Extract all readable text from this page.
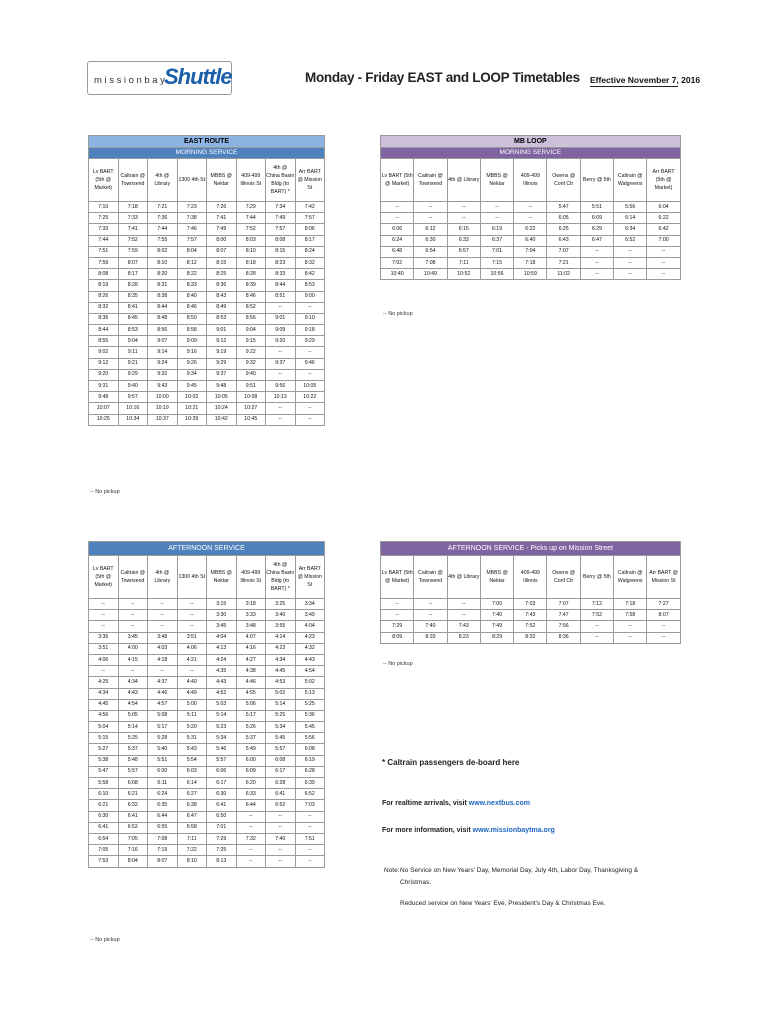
missionbay
Shuttle	Monday - Friday EAST and LOOP Timetables Effective November 7, 2016
EAST ROUTE							
MORNING SERVICE							
Lv BART (5th @ Market)	Caltrain @ Townsend	4th @ Library	1300 4th St	MBBS @ Nektar	409-499 Illinois St	4th @ China Basin Bldg (to BART) *	Arr BART @ Mission St
7:10	7:18	7:21	7:23	7:26	7:29	7:34	7:42
7:25	7:33	7:36	7:38	7:41	7:44	7:49	7:57
7:33	7:41	7:44	7:46	7:49	7:52	7:57	8:06
7:44	7:52	7:55	7:57	8:00	8:03	8:08	8:17
7:51	7:59	8:02	8:04	8:07	8:10	8:15	8:24
7:59	8:07	8:10	8:12	8:15	8:18	8:23	8:32
8:08	8:17	8:20	8:22	8:25	8:28	8:33	8:42
8:19	8:28	8:31	8:33	8:36	8:39	8:44	8:53
8:26	8:35	8:38	8:40	8:43	8:46	8:51	9:00
8:32	8:41	8:44	8:46	8:49	8:52	--	--
8:36	8:45	8:48	8:50	8:53	8:56	9:01	9:10
8:44	8:53	8:56	8:58	9:01	9:04	9:09	9:18
8:55	9:04	9:07	9:09	9:12	9:15	9:20	9:29
9:02	9:11	9:14	9:16	9:19	9:22	--	--
9:12	9:21	9:24	9:26	9:29	9:32	9:37	9:46
9:20	9:29	9:32	9:34	9:37	9:40	--	--
9:31	9:40	9:43	9:45	9:48	9:51	9:56	10:05
9:48	9:57	10:00	10:02	10:05	10:08	10:13	10:22
10:07	10:16	10:19	10:21	10:24	10:27	--	--
10:25	10:34	10:37	10:39	10:42	10:45	--	--
-- No pickup
MB LOOP								
MORNING SERVICE								
Lv BART (5th @ Market)	Caltrain @ Townsend	4th @ Library	MBBS @ Nektar	409-499 Illinois	Owens @ Conf Ctr	Berry @ 5th	Caltrain @ Walgreens	Arr BART (5th @ Market)
--	--	--	--	--	5:47	5:51	5:56	6:04
--	--	--	--	--	6:05	6:09	6:14	6:22
6:06	6:12	6:15	6:19	6:22	6:25	6:29	6:34	6:42
6:24	6:30	6:33	6:37	6:40	6:43	6:47	6:52	7:00
6:48	6:54	6:57	7:01	7:04	7:07	--	--	--
7:02	7:08	7:11	7:15	7:18	7:21	--	--	--
10:40	10:49	10:52	10:56	10:59	11:02	--	--	--
-- No pickup
AFTERNOON SERVICE							
Lv BART (5th @ Market)	Caltrain @ Townsend	4th @ Library	1300 4th St	MBBS @ Nektar	409-499 Illinois St	4th @ China Basin Bldg (to BART) *	Arr BART @ Mission St
--	--	--	--	3:15	3:18	3:25	3:34
--	--	--	--	3:30	3:33	3:40	3:49
--	--	--	--	3:45	3:48	3:55	4:04
3:36	3:45	3:48	3:51	4:04	4:07	4:14	4:23
3:51	4:00	4:03	4:06	4:13	4:16	4:23	4:32
4:06	4:15	4:18	4:21	4:24	4:27	4:34	4:43
--	--	--	--	4:35	4:38	4:45	4:54
4:25	4:34	4:37	4:40	4:43	4:46	4:53	5:02
4:34	4:43	4:46	4:49	4:52	4:55	5:02	5:13
4:45	4:54	4:57	5:00	5:03	5:06	5:14	5:25
4:56	5:05	5:08	5:11	5:14	5:17	5:25	5:36
5:04	5:14	5:17	5:20	5:23	5:26	5:34	5:45
5:15	5:25	5:28	5:31	5:34	5:37	5:45	5:56
5:27	5:37	5:40	5:43	5:46	5:49	5:57	6:08
5:38	5:48	5:51	5:54	5:57	6:00	6:08	6:19
5:47	5:57	6:00	6:03	6:06	6:09	6:17	6:28
5:58	6:08	6:11	6:14	6:17	6:20	6:28	6:39
6:10	6:21	6:24	6:27	6:30	6:33	6:41	6:52
6:21	6:32	6:35	6:38	6:41	6:44	6:52	7:03
6:30	6:41	6:44	6:47	6:50	--	--	--
6:41	6:52	6:55	6:58	7:01	--	--	--
6:54	7:05	7:08	7:11	7:29	7:32	7:40	7:51
7:05	7:16	7:19	7:22	7:25	--	--	--
7:53	8:04	8:07	8:10	8:13	--	--	--
-- No pickup
AFTERNOON SERVICE - Picks up on Mission Street								
Lv BART (5th @ Market)	Caltrain @ Townsend	4th @ Library	MBBS @ Nektar	409-499 Illinois	Owens @ Conf Ctr	Berry @ 5th	Caltrain @ Walgreens	Arr BART @ Mission St
--	--	--	7:00	7:03	7:07	7:12	7:18	7:27
--	--	--	7:40	7:43	7:47	7:52	7:58	8:07
7:29	7:40	7:43	7:49	7:52	7:56	--	--	--
8:09	8:20	8:23	8:29	8:32	8:36	--	--	--
-- No pickup
* Caltrain passengers de-board here
For realtime arrivals, visit www.nextbus.com
For more information, visit www.missionbaytma.org
Note: No Service on New Years' Day, Memorial Day, July 4th, Labor Day, Thanksgiving &
Christmas.
Reduced service on New Years' Eve, President's Day & Christmas Eve.
